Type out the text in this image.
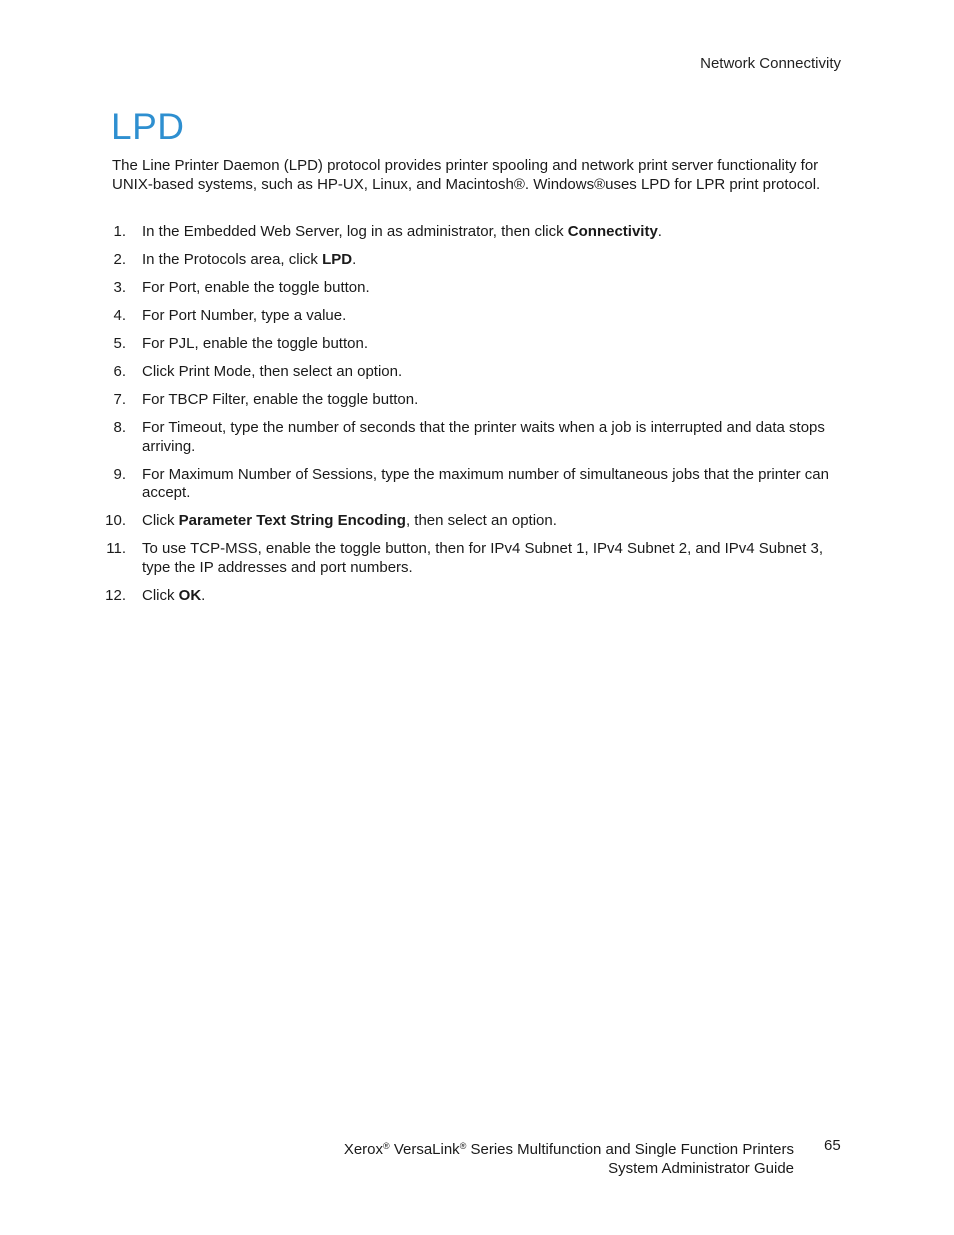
Network Connectivity
LPD

The Line Printer Daemon (LPD) protocol provides printer spooling and network print server functionality for UNIX-based systems, such as HP-UX, Linux, and Macintosh®. Windows®uses LPD for LPR print protocol.

1. In the Embedded Web Server, log in as administrator, then click Connectivity.
2. In the Protocols area, click LPD.
3. For Port, enable the toggle button.
4. For Port Number, type a value.
5. For PJL, enable the toggle button.
6. Click Print Mode, then select an option.
7. For TBCP Filter, enable the toggle button.
8. For Timeout, type the number of seconds that the printer waits when a job is interrupted and data stops arriving.
9. For Maximum Number of Sessions, type the maximum number of simultaneous jobs that the printer can accept.
10. Click Parameter Text String Encoding, then select an option.
11. To use TCP-MSS, enable the toggle button, then for IPv4 Subnet 1, IPv4 Subnet 2, and IPv4 Subnet 3, type the IP addresses and port numbers.
12. Click OK.
Xerox® VersaLink® Series Multifunction and Single Function Printers
System Administrator Guide
65
